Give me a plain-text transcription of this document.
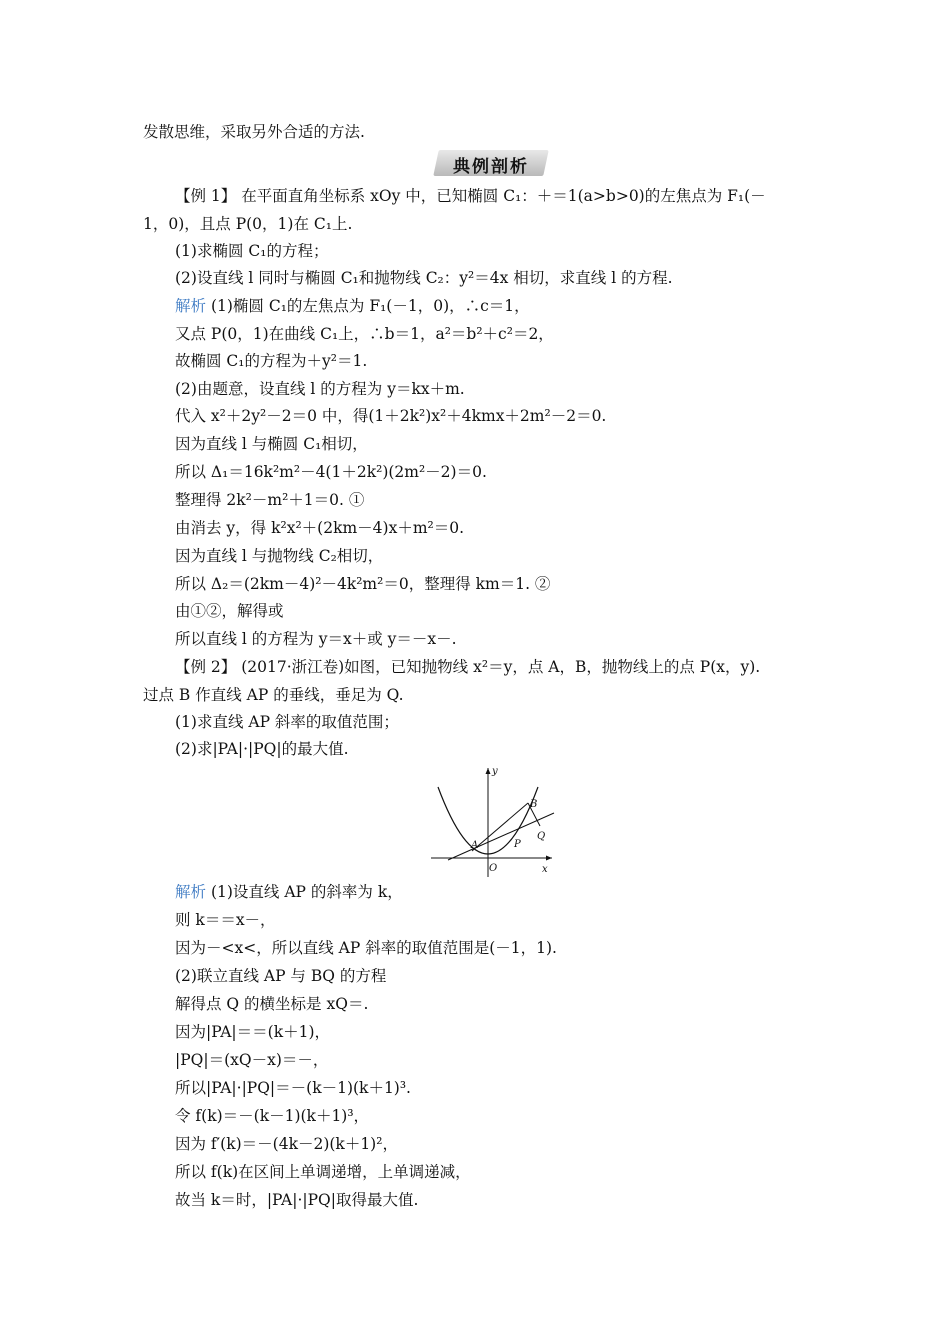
发散思维，采取另外合适的方法.
典例剖析
【例 1】 在平面直角坐标系 xOy 中，已知椭圆 C₁：＋＝1(a>b>0)的左焦点为 F₁(－
1，0)，且点 P(0，1)在 C₁上.
(1)求椭圆 C₁的方程；
(2)设直线 l 同时与椭圆 C₁和抛物线 C₂：y²＝4x 相切，求直线 l 的方程.
解析 (1)椭圆 C₁的左焦点为 F₁(－1，0)，∴c＝1，
又点 P(0，1)在曲线 C₁上，∴b＝1，a²＝b²＋c²＝2，
故椭圆 C₁的方程为＋y²＝1.
(2)由题意，设直线 l 的方程为 y＝kx＋m.
代入 x²＋2y²－2＝0 中，得(1＋2k²)x²＋4kmx＋2m²－2＝0.
因为直线 l 与椭圆 C₁相切，
所以 Δ₁＝16k²m²－4(1＋2k²)(2m²－2)＝0.
整理得 2k²－m²＋1＝0. ①
由消去 y，得 k²x²＋(2km－4)x＋m²＝0.
因为直线 l 与抛物线 C₂相切，
所以 Δ₂＝(2km－4)²－4k²m²＝0，整理得 km＝1. ②
由①②，解得或
所以直线 l 的方程为 y＝x＋或 y＝－x－.
【例 2】 (2017·浙江卷)如图，已知抛物线 x²＝y，点 A，B，抛物线上的点 P(x，y).
过点 B 作直线 AP 的垂线，垂足为 Q.
(1)求直线 AP 斜率的取值范围；
(2)求|PA|·|PQ|的最大值.
y
x
O
A
B
P
Q
解析 (1)设直线 AP 的斜率为 k，
则 k＝＝x－，
因为－<x<，所以直线 AP 斜率的取值范围是(－1，1).
(2)联立直线 AP 与 BQ 的方程
解得点 Q 的横坐标是 xQ＝.
因为|PA|＝＝(k＋1)，
|PQ|＝(xQ－x)＝－，
所以|PA|·|PQ|＝－(k－1)(k＋1)³.
令 f(k)＝－(k－1)(k＋1)³，
因为 f′(k)＝－(4k－2)(k＋1)²，
所以 f(k)在区间上单调递增，上单调递减，
故当 k＝时，|PA|·|PQ|取得最大值.
